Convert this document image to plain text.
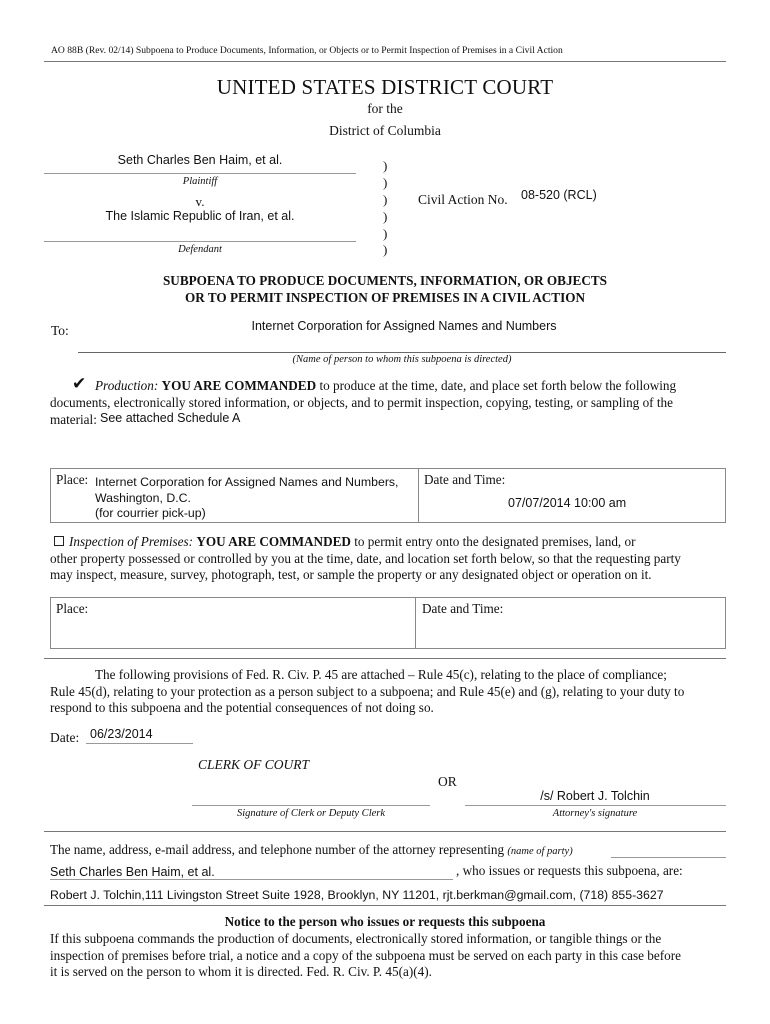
AO 88B (Rev. 02/14) Subpoena to Produce Documents, Information, or Objects or to Permit Inspection of Premises in a Civil Action
UNITED STATES DISTRICT COURT
for the
District of Columbia
Seth Charles Ben Haim, et al.
Plaintiff
v.
The Islamic Republic of Iran, et al.
Defendant
)
)
)
)
)
)
Civil Action No. 08-520 (RCL)
SUBPOENA TO PRODUCE DOCUMENTS, INFORMATION, OR OBJECTS
OR TO PERMIT INSPECTION OF PREMISES IN A CIVIL ACTION
To:	Internet Corporation for Assigned Names and Numbers
(Name of person to whom this subpoena is directed)
✔ Production: YOU ARE COMMANDED to produce at the time, date, and place set forth below the following
documents, electronically stored information, or objects, and to permit inspection, copying, testing, or sampling of the
material: See attached Schedule A
Place: Internet Corporation for Assigned Names and Numbers,
Washington, D.C.
(for courrier pick-up)
Date and Time:
07/07/2014 10:00 am
Inspection of Premises: YOU ARE COMMANDED to permit entry onto the designated premises, land, or
other property possessed or controlled by you at the time, date, and location set forth below, so that the requesting party
may inspect, measure, survey, photograph, test, or sample the property or any designated object or operation on it.
Place:	Date and Time:
The following provisions of Fed. R. Civ. P. 45 are attached – Rule 45(c), relating to the place of compliance;
Rule 45(d), relating to your protection as a person subject to a subpoena; and Rule 45(e) and (g), relating to your duty to
respond to this subpoena and the potential consequences of not doing so.
Date: 06/23/2014
CLERK OF COURT
OR
Signature of Clerk or Deputy Clerk
/s/ Robert J. Tolchin
Attorney's signature
The name, address, e-mail address, and telephone number of the attorney representing (name of party)
Seth Charles Ben Haim, et al.	, who issues or requests this subpoena, are:
Robert J. Tolchin,111 Livingston Street Suite 1928, Brooklyn, NY 11201, rjt.berkman@gmail.com, (718) 855-3627
Notice to the person who issues or requests this subpoena
If this subpoena commands the production of documents, electronically stored information, or tangible things or the
inspection of premises before trial, a notice and a copy of the subpoena must be served on each party in this case before
it is served on the person to whom it is directed. Fed. R. Civ. P. 45(a)(4).
